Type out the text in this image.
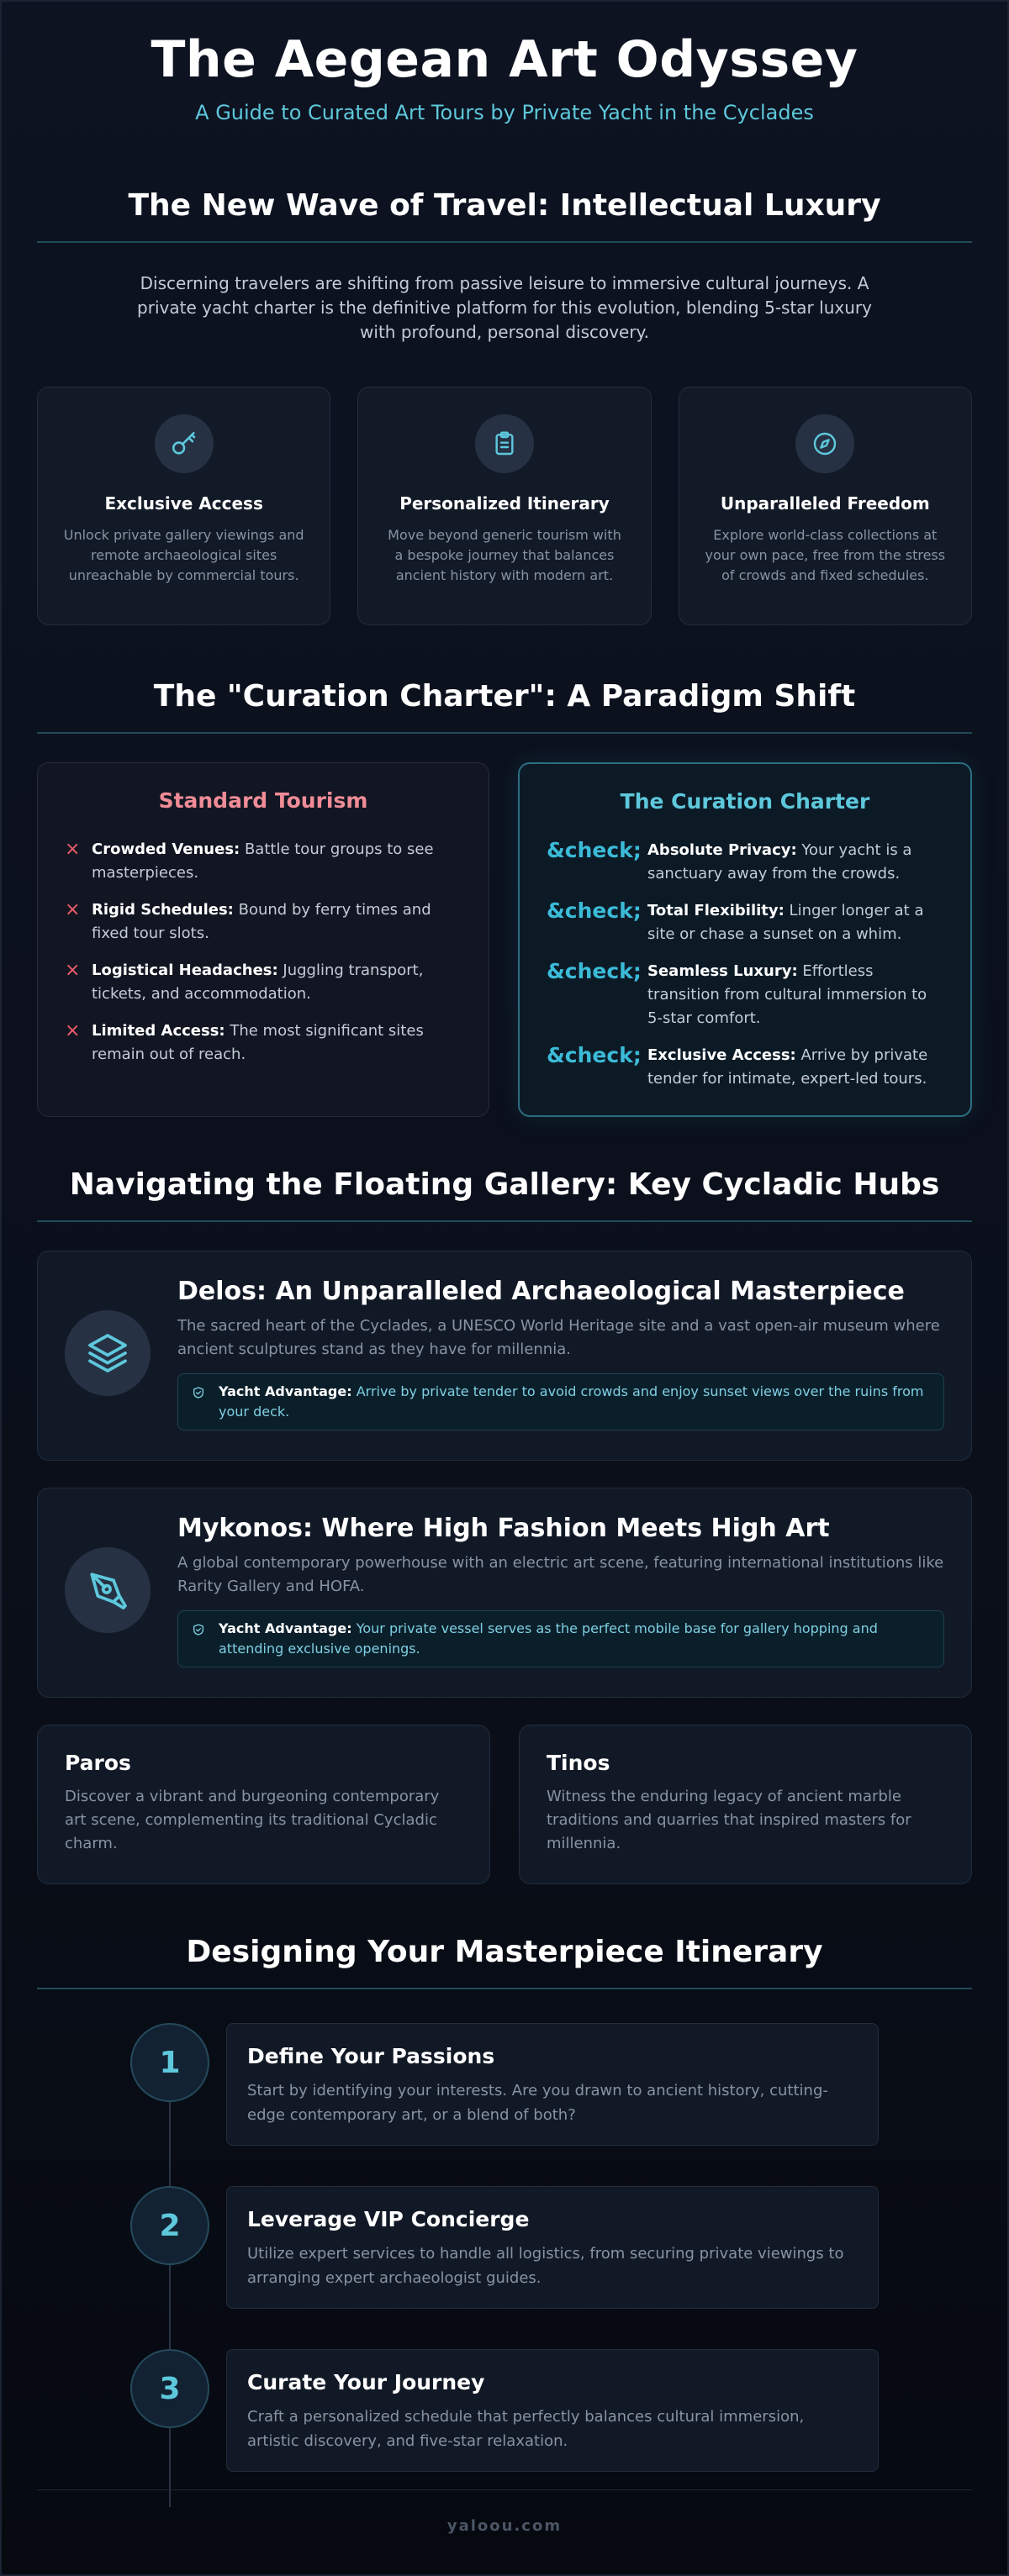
The Aegean Art Odyssey
A Guide to Curated Art Tours by Private Yacht in the Cyclades
The New Wave of Travel: Intellectual Luxury

Discerning travelers are shifting from passive leisure to immersive cultural journeys. A private yacht charter is the definitive platform for this evolution, blending 5-star luxury with profound, personal discovery.

Exclusive Access

Unlock private gallery viewings and remote archaeological sites unreachable by commercial tours.

Personalized Itinerary

Move beyond generic tourism with a bespoke journey that balances ancient history with modern art.

Unparalleled Freedom

Explore world-class collections at your own pace, free from the stress of crowds and fixed schedules.

The "Curation Charter": A Paradigm Shift
Standard Tourism
× Crowded Venues: Battle tour groups to see masterpieces.
× Rigid Schedules: Bound by ferry times and fixed tour slots.
× Logistical Headaches: Juggling transport, tickets, and accommodation.
× Limited Access: The most significant sites remain out of reach.
The Curation Charter
&check; Absolute Privacy: Your yacht is a sanctuary away from the crowds.
&check; Total Flexibility: Linger longer at a site or chase a sunset on a whim.
&check; Seamless Luxury: Effortless transition from cultural immersion to 5-star comfort.
&check; Exclusive Access: Arrive by private tender for intimate, expert-led tours.
Navigating the Floating Gallery: Key Cycladic Hubs
Delos: An Unparalleled Archaeological Masterpiece

The sacred heart of the Cyclades, a UNESCO World Heritage site and a vast open-air museum where ancient sculptures stand as they have for millennia.

Yacht Advantage: Arrive by private tender to avoid crowds and enjoy sunset views over the ruins from your deck.
Mykonos: Where High Fashion Meets High Art

A global contemporary powerhouse with an electric art scene, featuring international institutions like Rarity Gallery and HOFA.

Yacht Advantage: Your private vessel serves as the perfect mobile base for gallery hopping and attending exclusive openings.
Paros

Discover a vibrant and burgeoning contemporary art scene, complementing its traditional Cycladic charm.

Tinos

Witness the enduring legacy of ancient marble traditions and quarries that inspired masters for millennia.

Designing Your Masterpiece Itinerary
1	Define Your Passions

Start by identifying your interests. Are you drawn to ancient history, cutting-edge contemporary art, or a blend of both?

2	Leverage VIP Concierge

Utilize expert services to handle all logistics, from securing private viewings to arranging expert archaeologist guides.

3	Curate Your Journey

Craft a personalized schedule that perfectly balances cultural immersion, artistic discovery, and five-star relaxation.

yaloou.com
